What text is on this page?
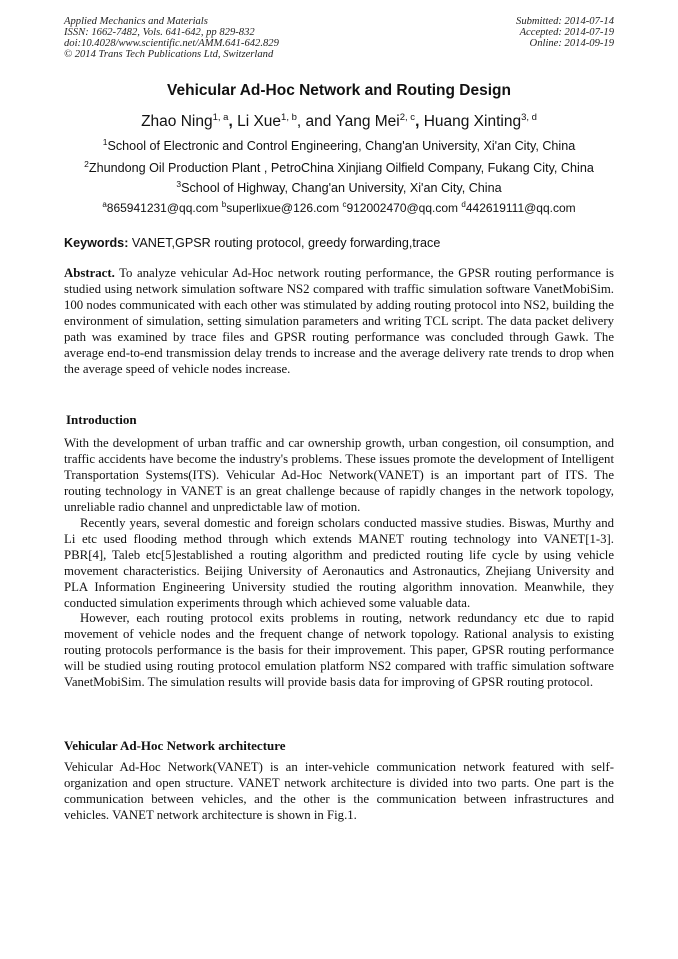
Applied Mechanics and Materials
ISSN: 1662-7482, Vols. 641-642, pp 829-832
doi:10.4028/www.scientific.net/AMM.641-642.829
© 2014 Trans Tech Publications Ltd, Switzerland
Submitted: 2014-07-14
Accepted: 2014-07-19
Online: 2014-09-19
Vehicular Ad-Hoc Network and Routing Design
Zhao Ning$^{1, a}$, Li Xue$^{1, b}$, and Yang Mei$^{2, c}$, Huang Xinting$^{3, d}$
$^1$School of Electronic and Control Engineering, Chang'an University, Xi'an City, China
$^2$Zhundong Oil Production Plant , PetroChina Xinjiang Oilfield Company, Fukang City, China
$^3$School of Highway, Chang'an University, Xi'an City, China
$^a$865941231@qq.com $^b$superlixue@126.com $^c$912002470@qq.com $^d$442619111@qq.com
Keywords: VANET,GPSR routing protocol, greedy forwarding,trace
Abstract. To analyze vehicular Ad-Hoc network routing performance, the GPSR routing performance is studied using network simulation software NS2 compared with traffic simulation software VanetMobiSim. 100 nodes communicated with each other was stimulated by adding routing protocol into NS2, building the environment of simulation, setting simulation parameters and writing TCL script. The data packet delivery path was examined by trace files and GPSR routing performance was concluded through Gawk. The average end-to-end transmission delay trends to increase and the average delivery rate trends to drop when the average speed of vehicle nodes increase.
Introduction
With the development of urban traffic and car ownership growth, urban congestion, oil consumption, and traffic accidents have become the industry's problems. These issues promote the development of Intelligent Transportation Systems(ITS). Vehicular Ad-Hoc Network(VANET) is an important part of ITS. The routing technology in VANET is an great challenge because of rapidly changes in the network topology, unreliable radio channel and unpredictable law of motion.
Recently years, several domestic and foreign scholars conducted massive studies. Biswas, Murthy and Li etc used flooding method through which extends MANET routing technology into VANET[1-3]. PBR[4], Taleb etc[5]established a routing algorithm and predicted routing life cycle by using vehicle movement characteristics. Beijing University of Aeronautics and Astronautics, Zhejiang University and PLA Information Engineering University studied the routing algorithm innovation. Meanwhile, they conducted simulation experiments through which achieved some valuable data.
However, each routing protocol exits problems in routing, network redundancy etc due to rapid movement of vehicle nodes and the frequent change of network topology. Rational analysis to existing routing protocols performance is the basis for their improvement. This paper, GPSR routing performance will be studied using routing protocol emulation platform NS2 compared with traffic simulation software VanetMobiSim. The simulation results will provide basis data for improving of GPSR routing protocol.
Vehicular Ad-Hoc Network architecture
Vehicular Ad-Hoc Network(VANET) is an inter-vehicle communication network featured with self-organization and open structure. VANET network architecture is divided into two parts. One part is the communication between vehicles, and the other is the communication between infrastructures and vehicles. VANET network architecture is shown in Fig.1.
